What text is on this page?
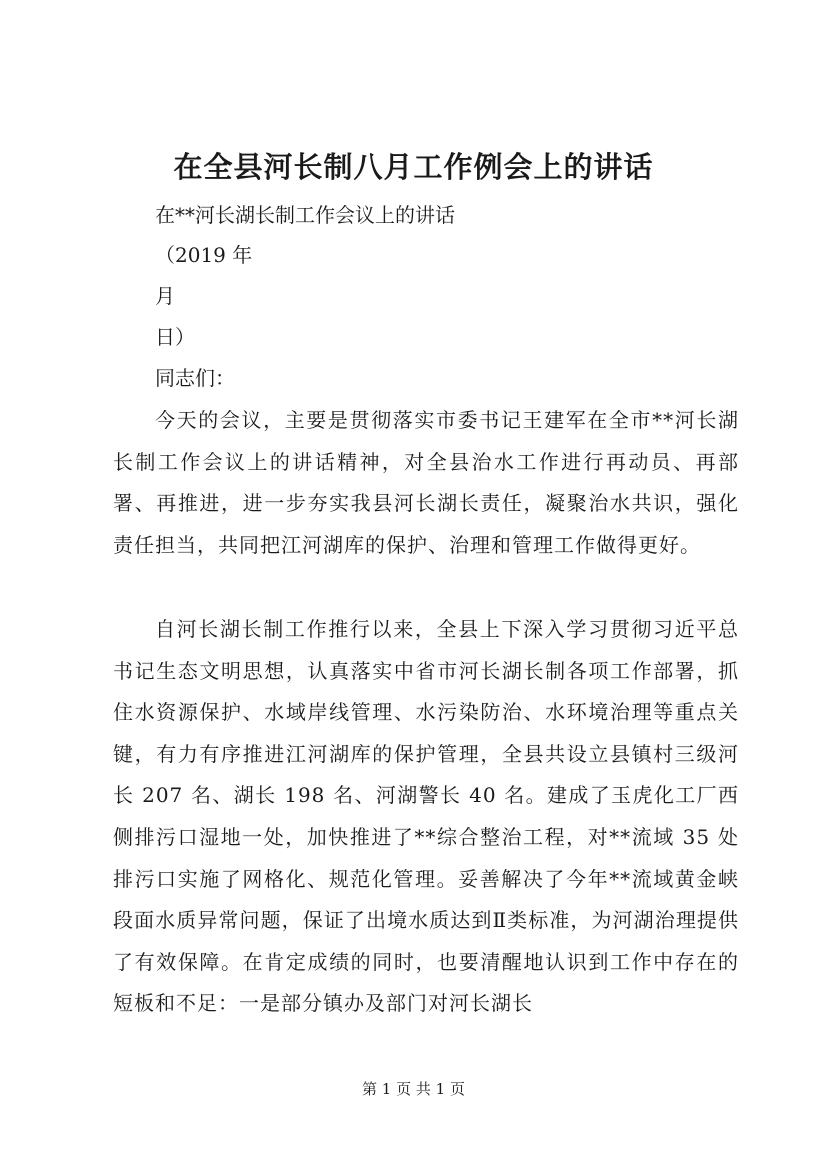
在全县河长制八月工作例会上的讲话
在**河长湖长制工作会议上的讲话
（2019 年
月
日）
同志们：
今天的会议，主要是贯彻落实市委书记王建军在全市**河长湖长制工作会议上的讲话精神，对全县治水工作进行再动员、再部署、再推进，进一步夯实我县河长湖长责任，凝聚治水共识，强化责任担当，共同把江河湖库的保护、治理和管理工作做得更好。
自河长湖长制工作推行以来，全县上下深入学习贯彻习近平总书记生态文明思想，认真落实中省市河长湖长制各项工作部署，抓住水资源保护、水域岸线管理、水污染防治、水环境治理等重点关键，有力有序推进江河湖库的保护管理，全县共设立县镇村三级河长 207 名、湖长 198 名、河湖警长 40 名。建成了玉虎化工厂西侧排污口湿地一处，加快推进了**综合整治工程，对**流域 35 处排污口实施了网格化、规范化管理。妥善解决了今年**流域黄金峡段面水质异常问题，保证了出境水质达到Ⅱ类标准，为河湖治理提供了有效保障。在肯定成绩的同时，也要清醒地认识到工作中存在的短板和不足：一是部分镇办及部门对河长湖长
第 1 页 共 1 页
